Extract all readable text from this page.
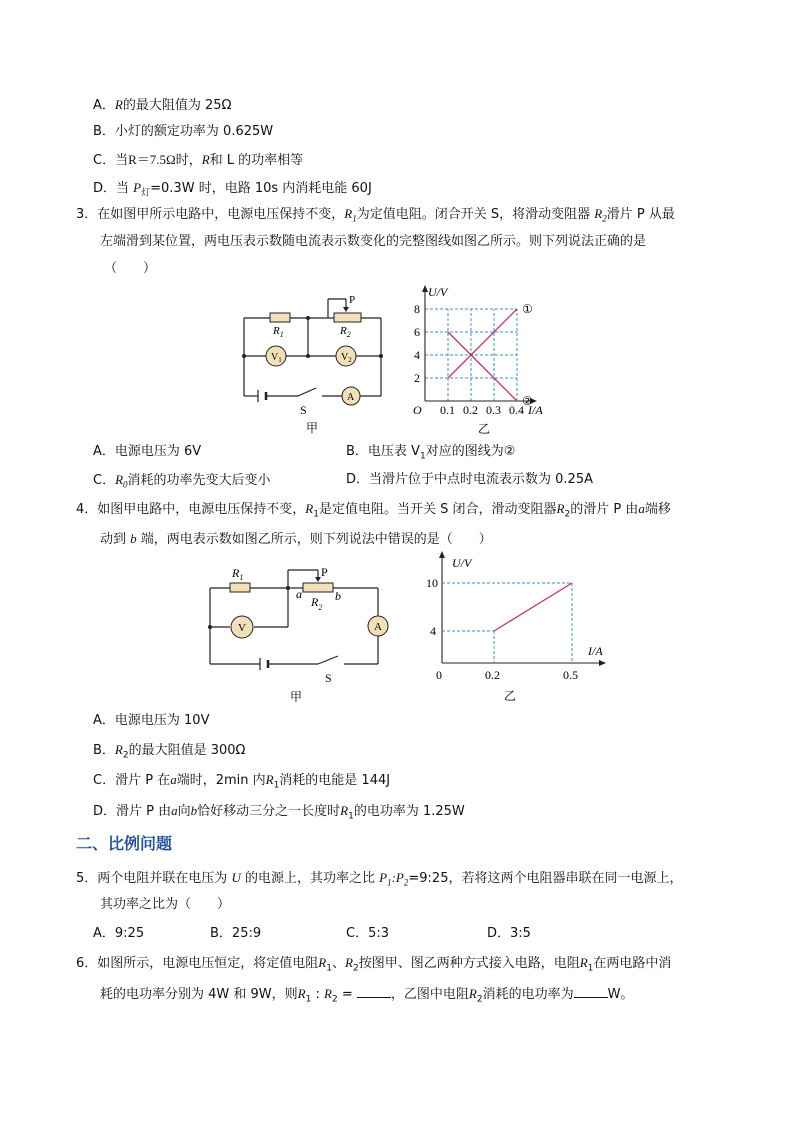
A．R的最大阻值为 25Ω
B．小灯的额定功率为 0.625W
C．当R＝7.5Ω时，R和 L 的功率相等
D．当 $P_灯=0.3W$ 时，电路 10s 内消耗电能 60J
3．在如图甲所示电路中，电源电压保持不变，$R_1$为定值电阻。闭合开关 S，将滑动变阻器 $R_2$滑片 P 从最
左端滑到某位置，两电压表示数随电流表示数变化的完整图线如图乙所示。则下列说法正确的是
（　　）
$R_1$	$R_2$
P
$V_1$	$V_2$
A
S
甲
①
②
0.1 0.2 0.3 0.4
2
4
6
8
O
U/V
I/A
乙
A．电源电压为 6V	B．电压表 $V_1$对应的图线为②
C．$R_0$消耗的功率先变大后变小	D．当滑片位于中点时电流表示数为 0.25A
4．如图甲电路中，电源电压保持不变，$R_1$是定值电阻。当开关 S 闭合，滑动变阻器$R_2$的滑片 P 由a端移
动到 b 端，两电表示数如图乙所示，则下列说法中错误的是（　　）
$R_1$	P
a	b
$R_2$
V	A
S
甲
0.2	0.5
4
10
0
U/V
I/A
乙
A．电源电压为 10V
B．$R_2$的最大阻值是 300Ω
C．滑片 P 在a端时，2min 内$R_1$消耗的电能是 144J
D．滑片 P 由a向b恰好移动三分之一长度时$R_1$的电功率为 1.25W
二、比例问题
5．两个电阻并联在电压为 U 的电源上，其功率之比 $P_1:P_2=9:25$，若将这两个电阻器串联在同一电源上，
其功率之比为（　　）
A．9:25	B．25:9	C．5:3	D．3:5
6．如图所示，电源电压恒定，将定值电阻$R_1$、$R_2$按图甲、图乙两种方式接入电路，电阻$R_1$在两电路中消
耗的电功率分别为 4W 和 9W，则$R_1$ : $R_2$ =	，乙图中电阻$R_2$消耗的电功率为	W。
